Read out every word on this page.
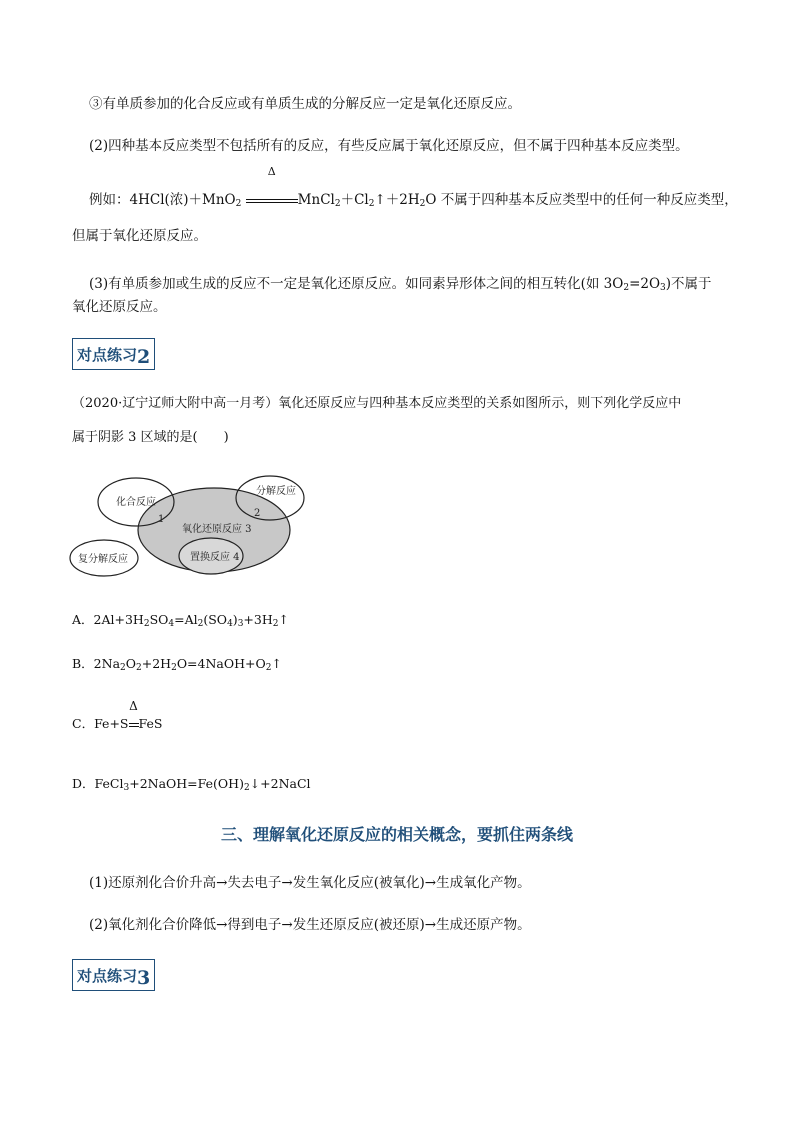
③有单质参加的化合反应或有单质生成的分解反应一定是氧化还原反应。
(2)四种基本反应类型不包括所有的反应，有些反应属于氧化还原反应，但不属于四种基本反应类型。
例如：4HCl(浓)＋MnO$_2$
Δ
$MnCl_2+Cl_2↑+2H_2O$ 不属于四种基本反应类型中的任何一种反应类型，
但属于氧化还原反应。
(3)有单质参加或生成的反应不一定是氧化还原反应。如同素异形体之间的相互转化(如 $3O_2=2O_3$)不属于
氧化还原反应。
对点练习2
（2020·辽宁辽师大附中高一月考）氧化还原反应与四种基本反应类型的关系如图所示，则下列化学反应中
属于阴影 3 区域的是(　　)
化合反应
1
分解反应
2
氧化还原反应 3
复分解反应	置换反应 4
A．$2Al+3H_2SO_4=Al_2(SO_4)_3+3H_2↑$
B．$2Na_2O_2+2H_2O=4NaOH+O_2↑$
C．Fe+S
Δ
FeS
D．$FeCl_3+2NaOH=Fe(OH)_2↓+2NaCl$
三、理解氧化还原反应的相关概念，要抓住两条线
(1)还原剂化合价升高→失去电子→发生氧化反应(被氧化)→生成氧化产物。
(2)氧化剂化合价降低→得到电子→发生还原反应(被还原)→生成还原产物。
对点练习3
